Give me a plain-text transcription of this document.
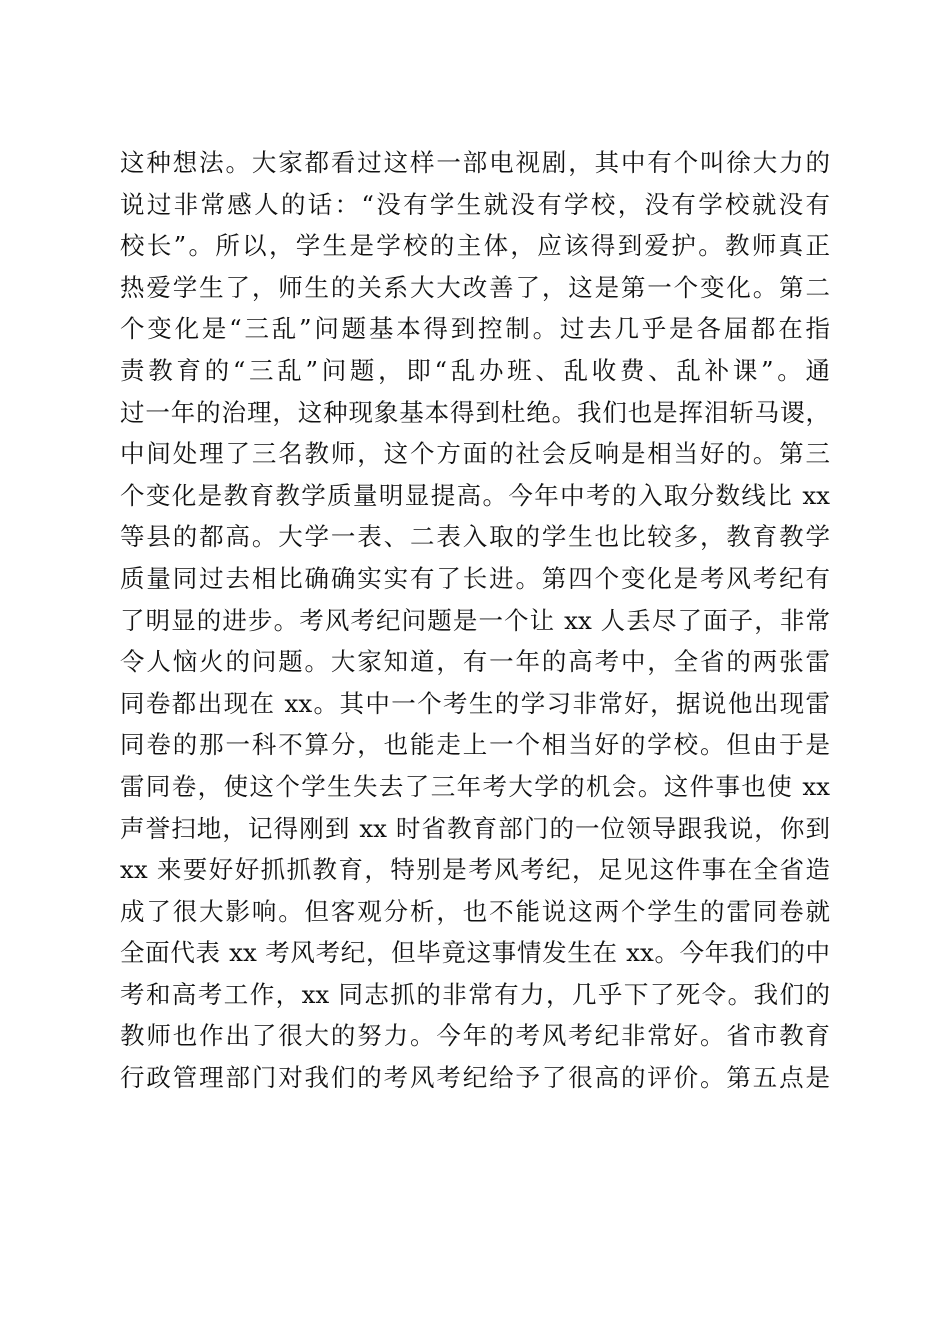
这种想法。大家都看过这样一部电视剧，其中有个叫徐大力的
说过非常感人的话：“没有学生就没有学校，没有学校就没有
校长”。所以，学生是学校的主体，应该得到爱护。教师真正
热爱学生了，师生的关系大大改善了，这是第一个变化。第二
个变化是“三乱”问题基本得到控制。过去几乎是各届都在指
责教育的“三乱”问题，即“乱办班、乱收费、乱补课”。通
过一年的治理，这种现象基本得到杜绝。我们也是挥泪斩马谡，
中间处理了三名教师，这个方面的社会反响是相当好的。第三
个变化是教育教学质量明显提高。今年中考的入取分数线比 xx
等县的都高。大学一表、二表入取的学生也比较多，教育教学
质量同过去相比确确实实有了长进。第四个变化是考风考纪有
了明显的进步。考风考纪问题是一个让 xx 人丢尽了面子，非常
令人恼火的问题。大家知道，有一年的高考中，全省的两张雷
同卷都出现在 xx。其中一个考生的学习非常好，据说他出现雷
同卷的那一科不算分，也能走上一个相当好的学校。但由于是
雷同卷，使这个学生失去了三年考大学的机会。这件事也使 xx
声誉扫地，记得刚到 xx 时省教育部门的一位领导跟我说，你到
xx 来要好好抓抓教育，特别是考风考纪，足见这件事在全省造
成了很大影响。但客观分析，也不能说这两个学生的雷同卷就
全面代表 xx 考风考纪，但毕竟这事情发生在 xx。今年我们的中
考和高考工作，xx 同志抓的非常有力，几乎下了死令。我们的
教师也作出了很大的努力。今年的考风考纪非常好。省市教育
行政管理部门对我们的考风考纪给予了很高的评价。第五点是
